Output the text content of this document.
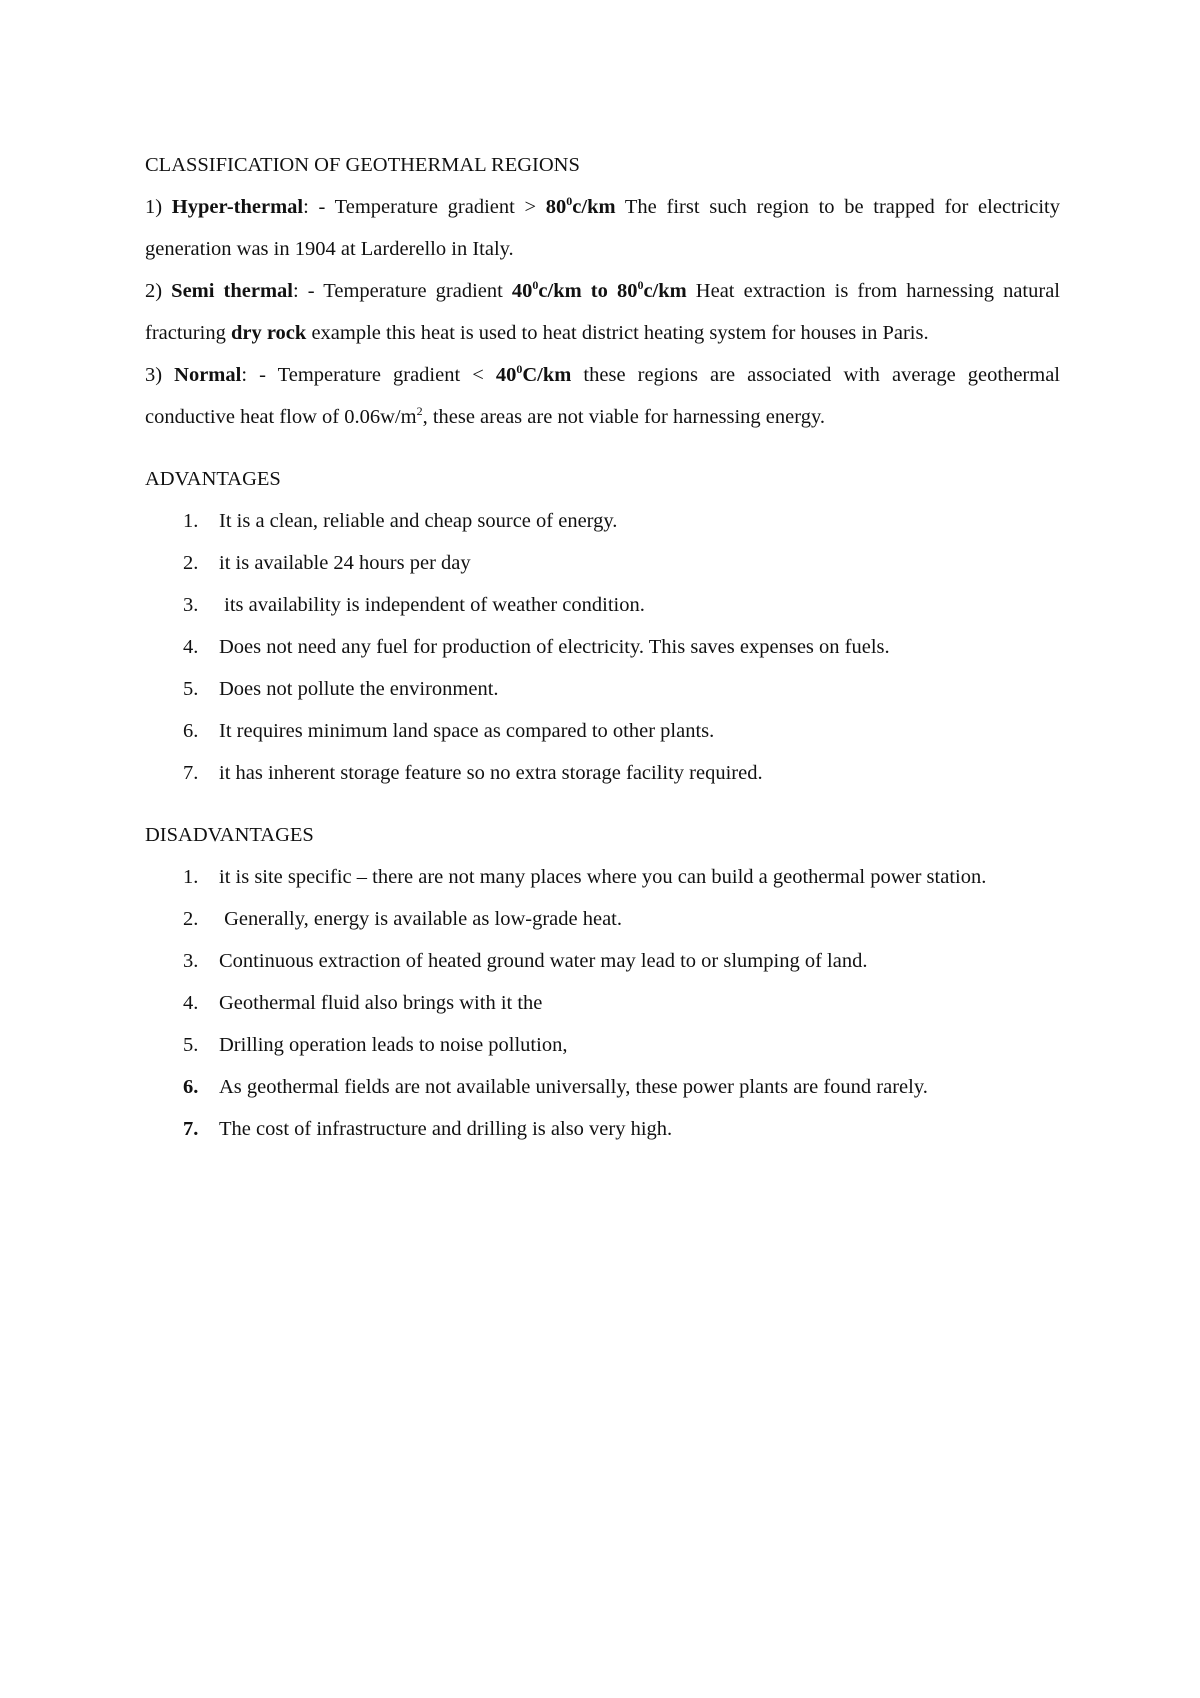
CLASSIFICATION OF GEOTHERMAL REGIONS

1) Hyper-thermal: - Temperature gradient > $80^0c/km$ The first such region to be trapped for electricity generation was in 1904 at Larderello in Italy.

2) Semi thermal: - Temperature gradient $40^0c/km$ to $80^0c/km$ Heat extraction is from harnessing natural fracturing dry rock example this heat is used to heat district heating system for houses in Paris.

3) Normal: - Temperature gradient < $40^0C/km$ these regions are associated with average geothermal conductive heat flow of $0.06w/m^2$, these areas are not viable for harnessing energy.

ADVANTAGES

1. It is a clean, reliable and cheap source of energy.
2. it is available 24 hours per day
3. its availability is independent of weather condition.
4. Does not need any fuel for production of electricity. This saves expenses on fuels.
5. Does not pollute the environment.
6. It requires minimum land space as compared to other plants.
7. it has inherent storage feature so no extra storage facility required.

DISADVANTAGES

1. it is site specific – there are not many places where you can build a geothermal power station.
2. Generally, energy is available as low-grade heat.
3. Continuous extraction of heated ground water may lead to or slumping of land.
4. Geothermal fluid also brings with it the
5. Drilling operation leads to noise pollution,
6. As geothermal fields are not available universally, these power plants are found rarely.
7. The cost of infrastructure and drilling is also very high.
